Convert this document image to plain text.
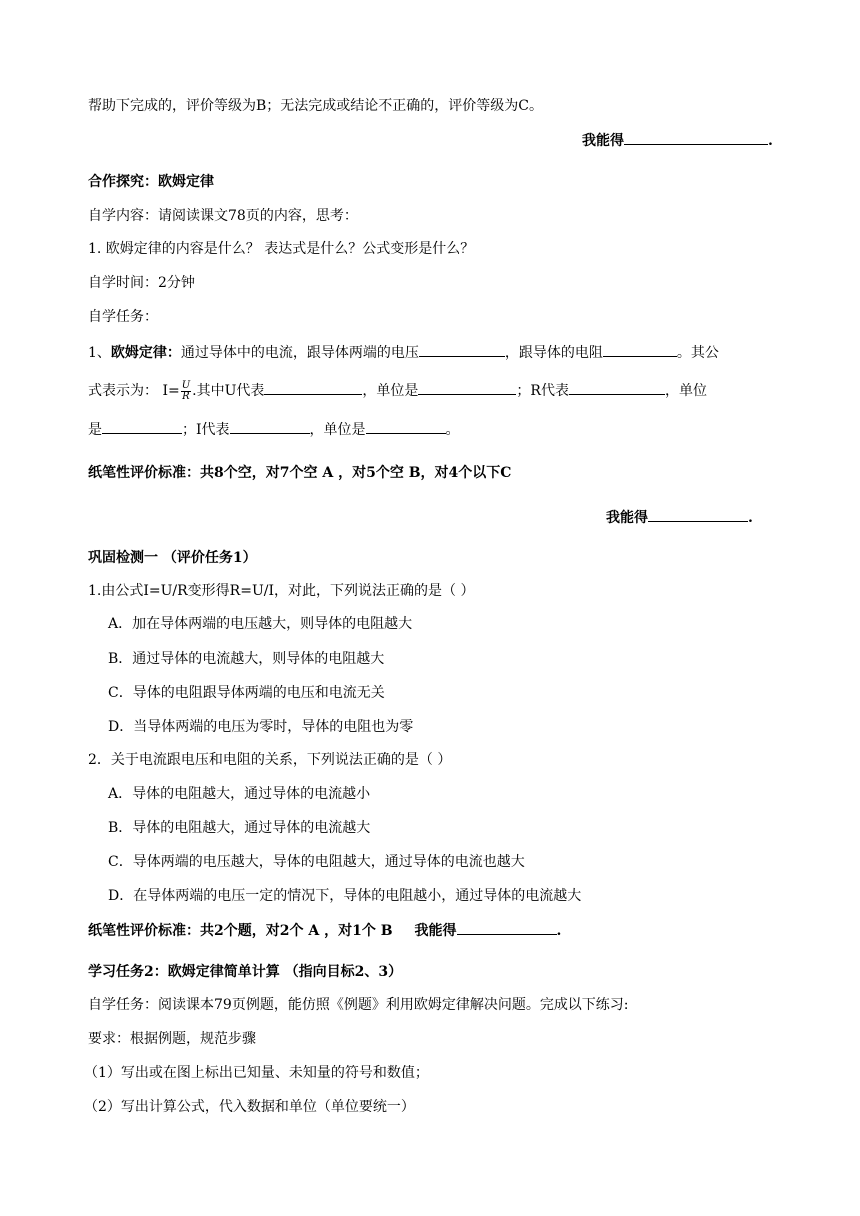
帮助下完成的，评价等级为B；无法完成或结论不正确的，评价等级为C。
我能得	.
合作探究：欧姆定律
自学内容：请阅读课文78页的内容，思考：
1. 欧姆定律的内容是什么？ 表达式是什么？公式变形是什么？
自学时间：2分钟
自学任务：
1、欧姆定律：通过导体中的电流，跟导体两端的电压	，跟导体的电阻	。其公
式表示为： $I= \frac{U}{R}$ .其中U代表	，单位是	；R代表	，单位
是	；I代表	，单位是	。
纸笔性评价标准：共8个空，对7个空 A ，对5个空 B，对4个以下C
我能得	.
巩固检测一 （评价任务1）
1.由公式I=U/R变形得R=U/I，对此，下列说法正确的是（ ）
A．加在导体两端的电压越大，则导体的电阻越大
B．通过导体的电流越大，则导体的电阻越大
C．导体的电阻跟导体两端的电压和电流无关
D．当导体两端的电压为零时，导体的电阻也为零
2．关于电流跟电压和电阻的关系，下列说法正确的是（ ）
A．导体的电阻越大，通过导体的电流越小
B．导体的电阻越大，通过导体的电流越大
C．导体两端的电压越大，导体的电阻越大，通过导体的电流也越大
D．在导体两端的电压一定的情况下，导体的电阻越小，通过导体的电流越大
纸笔性评价标准：共2个题，对2个 A ，对1个 B 我能得	.
学习任务2：欧姆定律简单计算 （指向目标2、3）
自学任务：阅读课本79页例题，能仿照《例题》利用欧姆定律解决问题。完成以下练习:
要求：根据例题，规范步骤
（1）写出或在图上标出已知量、未知量的符号和数值；
（2）写出计算公式，代入数据和单位（单位要统一）
